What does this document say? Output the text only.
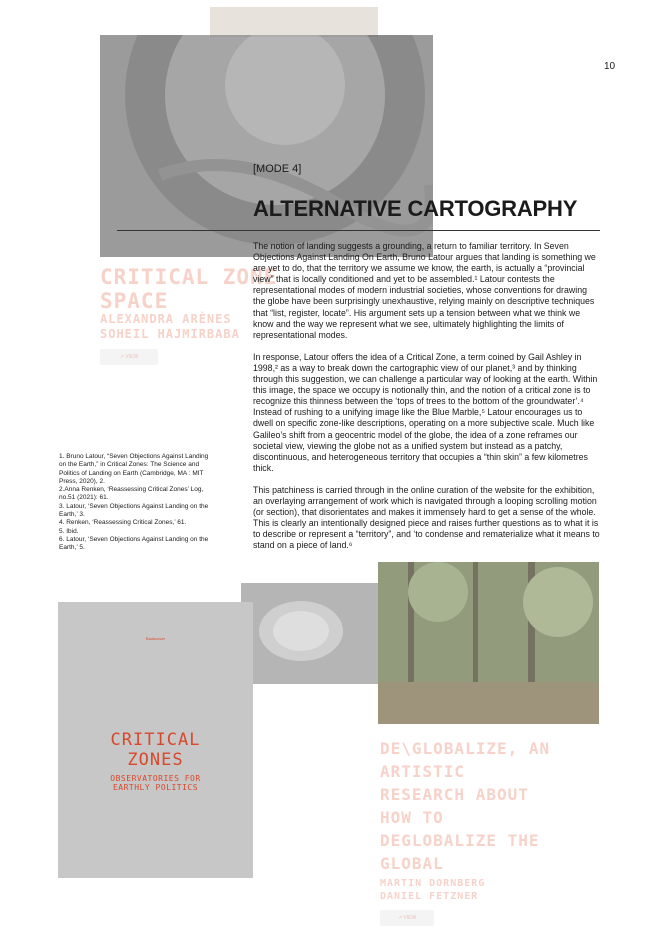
10
CRITICAL ZONE
SPACE
ALEXANDRA ARÈNES
SOHEIL HAJMIRBABA
↗ VIEW
Bookcover
CRITICAL
ZONES
OBSERVATORIES FOR
EARTHLY POLITICS
DE\GLOBALIZE, AN
ARTISTIC
RESEARCH ABOUT
HOW TO
DEGLOBALIZE THE
GLOBAL
MARTIN DORNBERG
DANIEL FETZNER
↗ VIEW
[MODE 4]
ALTERNATIVE CARTOGRAPHY

The notion of landing suggests a grounding, a return to familiar territory. In Seven Objections Against Landing On Earth, Bruno Latour argues that landing is something we are yet to do, that the territory we assume we know, the earth, is actually a “provincial view” that is locally conditioned and yet to be assembled.¹ Latour contests the representational modes of modern industrial societies, whose conventions for drawing the globe have been surprisingly unexhaustive, relying mainly on descriptive techniques that “list, register, locate”. His argument sets up a tension between what we think we know and the way we represent what we see, ultimately highlighting the limits of representational modes.

In response, Latour offers the idea of a Critical Zone, a term coined by Gail Ashley in 1998,² as a way to break down the cartographic view of our planet,³ and by thinking through this suggestion, we can challenge a particular way of looking at the earth. Within this image, the space we occupy is notionally thin, and the notion of a critical zone is to recognize this thinness between the ‘tops of trees to the bottom of the groundwater’.⁴ Instead of rushing to a unifying image like the Blue Marble,⁵ Latour encourages us to dwell on specific zone-like descriptions, operating on a more subjective scale. Much like Galileo’s shift from a geocentric model of the globe, the idea of a zone reframes our societal view, viewing the globe not as a unified system but instead as a patchy, discontinuous, and heterogeneous territory that occupies a “thin skin” a few kilometres thick.

This patchiness is carried through in the online curation of the website for the exhibition, an overlaying arrangement of work which is navigated through a looping scrolling motion (or section), that disorientates and makes it immensely hard to get a sense of the whole. This is clearly an intentionally designed piece and raises further questions as to what it is to describe or represent a “territory”, and ‘to condense and rematerialize what it means to stand on a piece of land.⁶

1. Bruno Latour, “Seven Objections Against Landing on the Earth,” in Critical Zones: The Science and Politics of Landing on Earth (Cambridge, MA : MIT Press, 2020), 2.
2.Anna Renken, ‘Reassessing Critical Zones’ Log, no.51 (2021): 61.
3. Latour, ‘Seven Objections Against Landing on the Earth,’ 3.
4. Renken, ‘Reassessing Critical Zones,’ 61.
5. Ibid.
6. Latour, ‘Seven Objections Against Landing on the Earth,’ 5.
